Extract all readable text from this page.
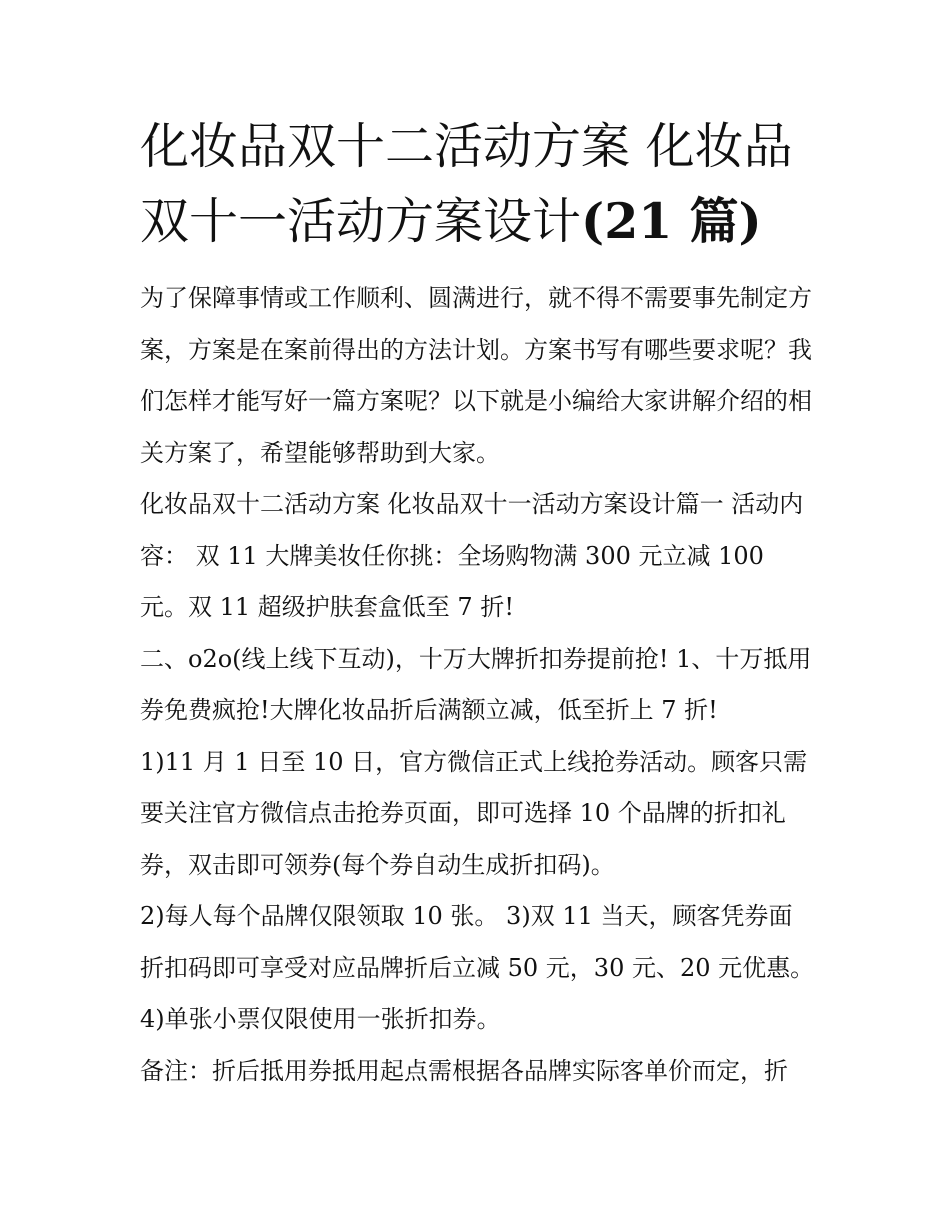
化妆品双十二活动方案 化妆品双十一活动方案设计(21 篇)

为了保障事情或工作顺利、圆满进行，就不得不需要事先制定方案，方案是在案前得出的方法计划。方案书写有哪些要求呢？我们怎样才能写好一篇方案呢？以下就是小编给大家讲解介绍的相关方案了，希望能够帮助到大家。

化妆品双十二活动方案 化妆品双十一活动方案设计篇一 活动内容： 双 11 大牌美妆任你挑：全场购物满 300 元立减 100 元。双 11 超级护肤套盒低至 7 折!

二、o2o(线上线下互动)，十万大牌折扣券提前抢! 1、十万抵用券免费疯抢!大牌化妆品折后满额立减，低至折上 7 折!

1)11 月 1 日至 10 日，官方微信正式上线抢券活动。顾客只需要关注官方微信点击抢券页面，即可选择 10 个品牌的折扣礼券，双击即可领券(每个券自动生成折扣码)。

2)每人每个品牌仅限领取 10 张。 3)双 11 当天，顾客凭券面折扣码即可享受对应品牌折后立减 50 元，30 元、20 元优惠。 4)单张小票仅限使用一张折扣券。

备注：折后抵用券抵用起点需根据各品牌实际客单价而定，折
